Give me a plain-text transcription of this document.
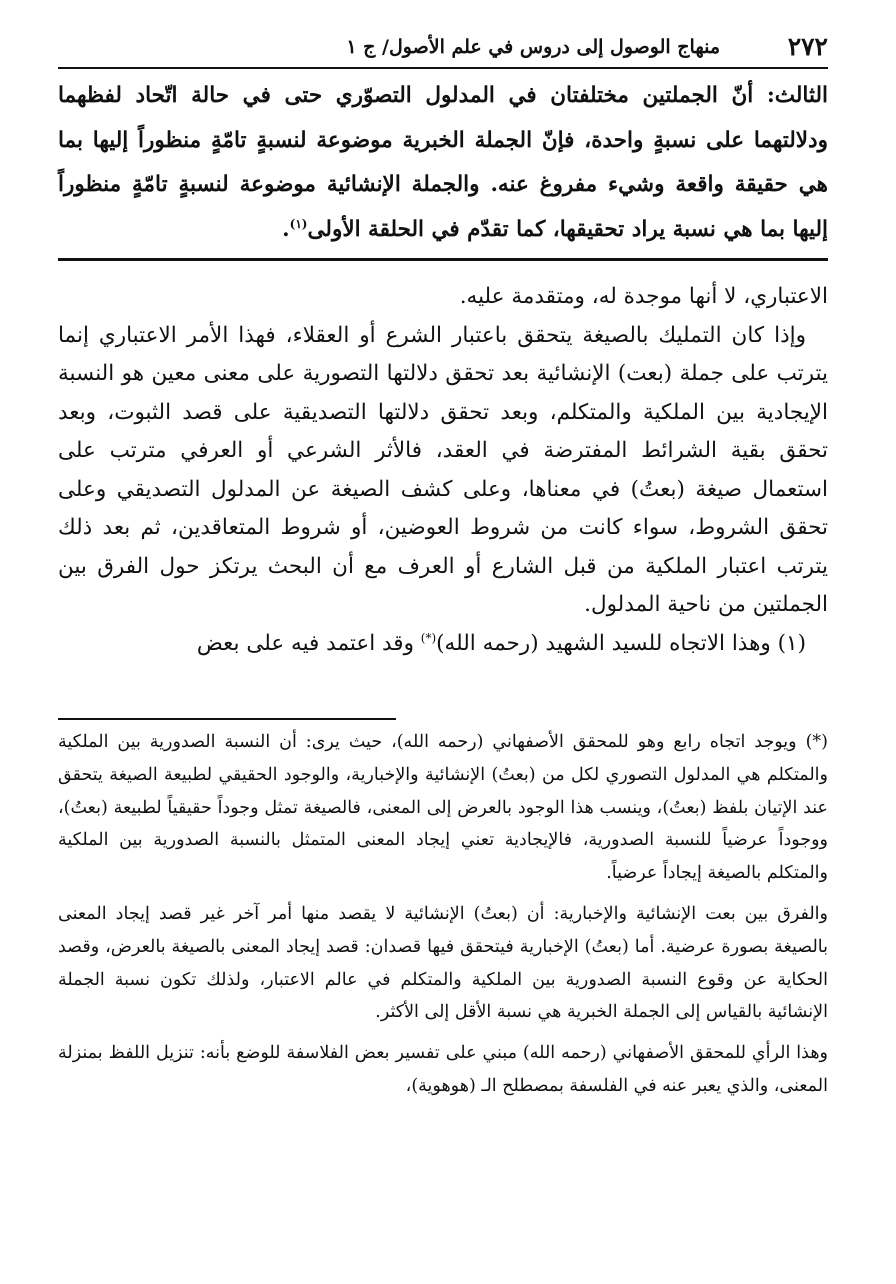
٢٧٢
منهاج الوصول إلى دروس في علم الأصول/ ج ١

الثالث: أنّ الجملتين مختلفتان في المدلول التصوّري حتى في حالة اتّحاد لفظهما ودلالتهما على نسبةٍ واحدة، فإنّ الجملة الخبرية موضوعة لنسبةٍ تامّةٍ منظوراً إليها بما هي حقيقة واقعة وشيء مفروغ عنه. والجملة الإنشائية موضوعة لنسبةٍ تامّةٍ منظوراً إليها بما هي نسبة يراد تحقيقها، كما تقدّم في الحلقة الأولى$^{(١)}$.

الاعتباري، لا أنها موجدة له، ومتقدمة عليه.

وإذا كان التمليك بالصيغة يتحقق باعتبار الشرع أو العقلاء، فهذا الأمر الاعتباري إنما يترتب على جملة (بعت) الإنشائية بعد تحقق دلالتها التصورية على معنى معين هو النسبة الإيجادية بين الملكية والمتكلم، وبعد تحقق دلالتها التصديقية على قصد الثبوت، وبعد تحقق بقية الشرائط المفترضة في العقد، فالأثر الشرعي أو العرفي مترتب على استعمال صيغة (بعتُ) في معناها، وعلى كشف الصيغة عن المدلول التصديقي وعلى تحقق الشروط، سواء كانت من شروط العوضين، أو شروط المتعاقدين، ثم بعد ذلك يترتب اعتبار الملكية من قبل الشارع أو العرف مع أن البحث يرتكز حول الفرق بين الجملتين من ناحية المدلول.

(١) وهذا الاتجاه للسيد الشهيد (رحمه الله)(*) وقد اعتمد فيه على بعض

(*) ويوجد اتجاه رابع وهو للمحقق الأصفهاني (رحمه الله)، حيث يرى: أن النسبة الصدورية بين الملكية والمتكلم هي المدلول التصوري لكل من (بعتُ) الإنشائية والإخبارية، والوجود الحقيقي لطبيعة الصيغة يتحقق عند الإتيان بلفظ (بعتُ)، وينسب هذا الوجود بالعرض إلى المعنى، فالصيغة تمثل وجوداً حقيقياً لطبيعة (بعتُ)، ووجوداً عرضياً للنسبة الصدورية، فالإيجادية تعني إيجاد المعنى المتمثل بالنسبة الصدورية بين الملكية والمتكلم بالصيغة إيجاداً عرضياً.

والفرق بين بعت الإنشائية والإخبارية: أن (بعتُ) الإنشائية لا يقصد منها أمر آخر غير قصد إيجاد المعنى بالصيغة بصورة عرضية. أما (بعتُ) الإخبارية فيتحقق فيها قصدان: قصد إيجاد المعنى بالصيغة بالعرض، وقصد الحكاية عن وقوع النسبة الصدورية بين الملكية والمتكلم في عالم الاعتبار، ولذلك تكون نسبة الجملة الإنشائية بالقياس إلى الجملة الخبرية هي نسبة الأقل إلى الأكثر.

وهذا الرأي للمحقق الأصفهاني (رحمه الله) مبني على تفسير بعض الفلاسفة للوضع بأنه: تنزيل اللفظ بمنزلة المعنى، والذي يعبر عنه في الفلسفة بمصطلح الـ (هوهوية)،
